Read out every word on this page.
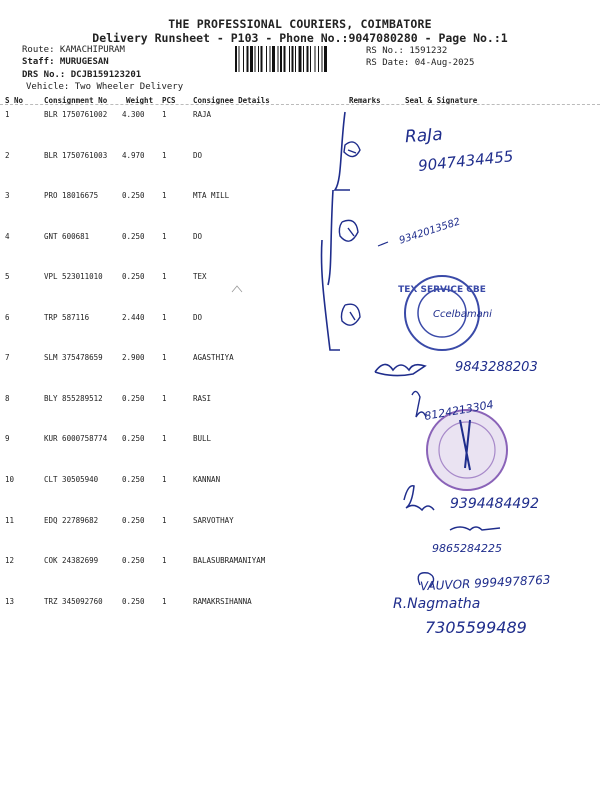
THE PROFESSIONAL COURIERS, COIMBATORE
Delivery Runsheet - P103 - Phone No.:9047080280 - Page No.:1
Route: KAMACHIPURAM
Staff: MURUGESAN
DRS No.: DCJB159123201
Vehicle: Two Wheeler Delivery
RS No.: 1591232
RS Date: 04-Aug-2025
S No	Consignment No	Weight PCS Consignee Details	Remarks	Seal & Signature
1	BLR 1750761002 4.300 1	RAJA
2	BLR 1750761003 4.970 1	DO
3	PRO 18016675	0.250 1	MTA MILL
4	GNT 600681	0.250 1	DO
5	VPL 523011010	0.250 1	TEX
6	TRP 587116	2.440 1	DO
7	SLM 375478659	2.900 1	AGASTHIYA
8	BLY 855289512	0.250 1	RASI
9	KUR 6000758774 0.250 1	BULL
10	CLT 30505940	0.250 1	KANNAN
11	EDQ 22789682	0.250 1	SARVOTHAY
12	COK 24382699	0.250 1	BALASUBRAMANIYAM
13	TRZ 345092760	0.250 1	RAMAKRSIHANNA
TEX SERVICE CBE
RaJa
9047434455
9342013582
Ccelbamani
9843288203
8124213304
9394484492
9865284225
VAUVOR 9994978763
R.Nagmatha
7305599489
